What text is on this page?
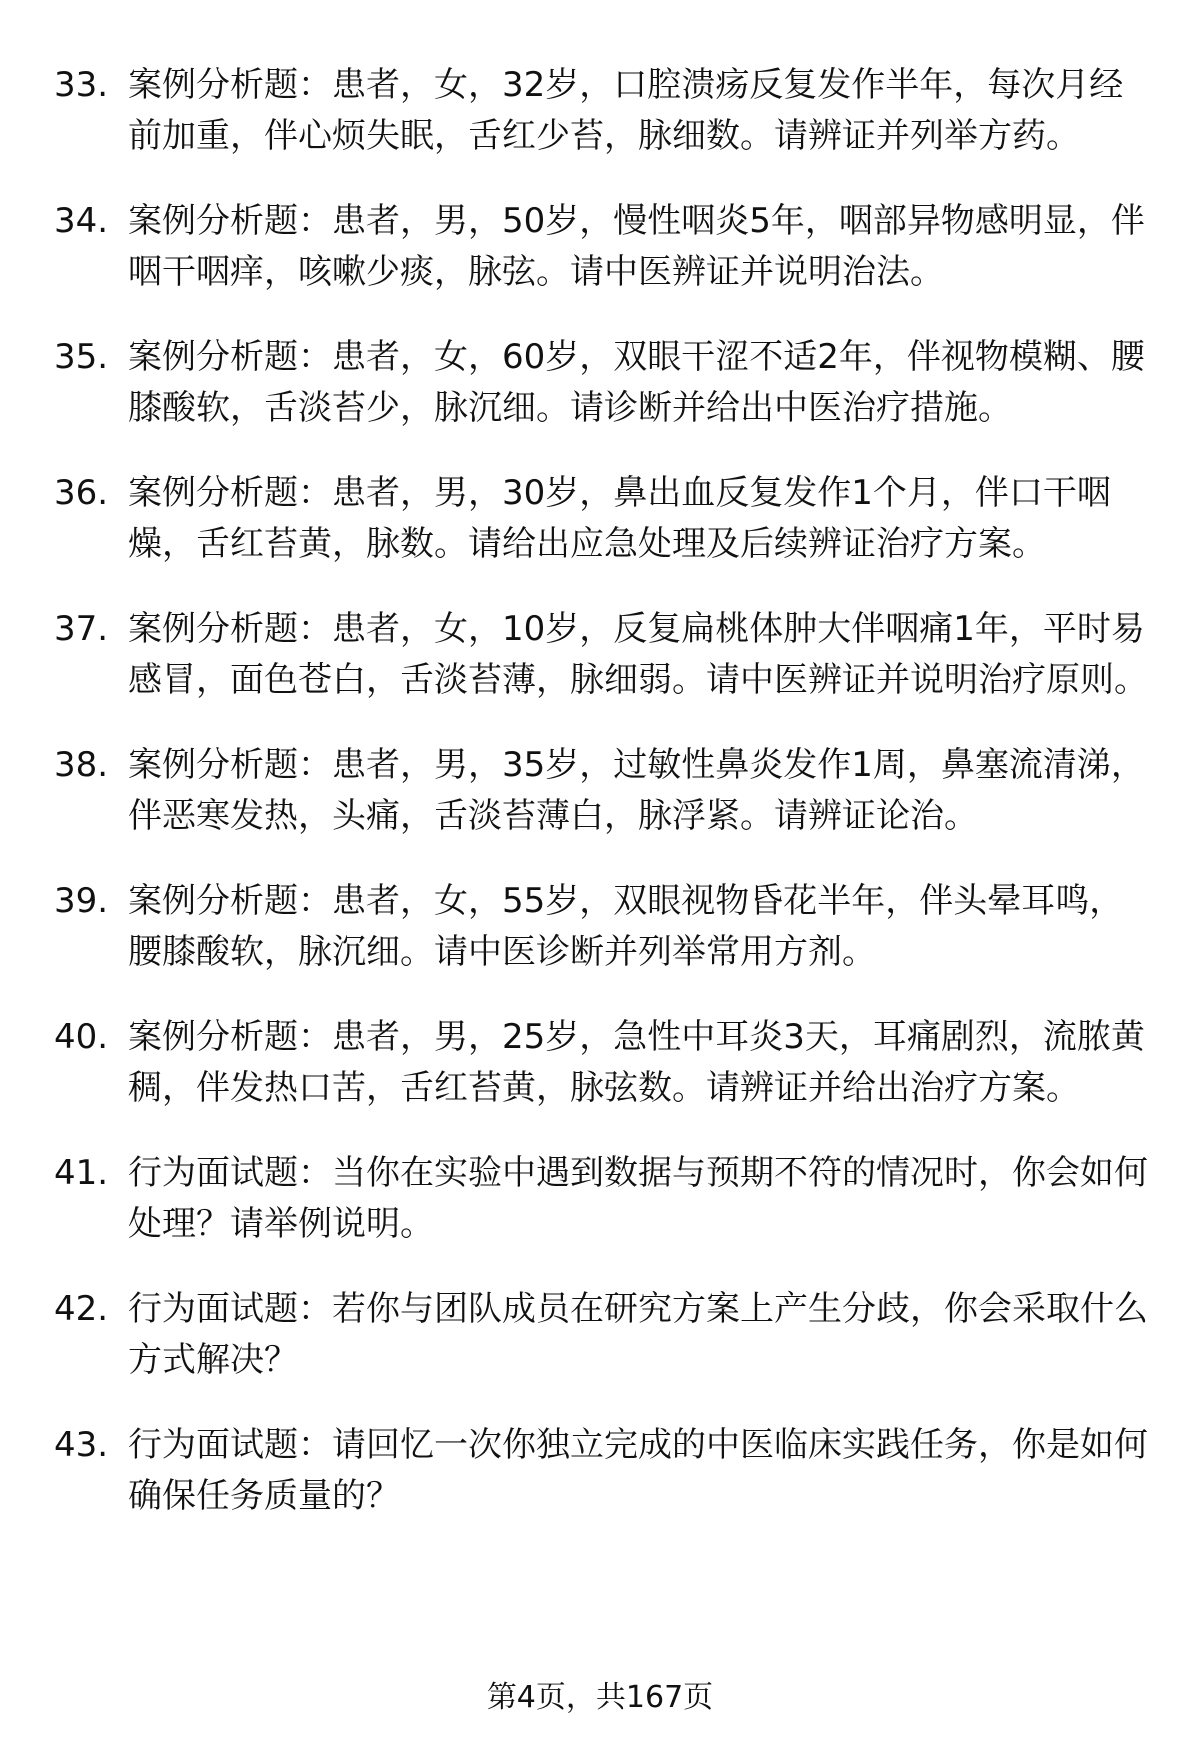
33. 案例分析题：患者，女，32岁，口腔溃疡反复发作半年，每次月经前加重，伴心烦失眠，舌红少苔，脉细数。请辨证并列举方药。
34. 案例分析题：患者，男，50岁，慢性咽炎5年，咽部异物感明显，伴咽干咽痒，咳嗽少痰，脉弦。请中医辨证并说明治法。
35. 案例分析题：患者，女，60岁，双眼干涩不适2年，伴视物模糊、腰膝酸软，舌淡苔少，脉沉细。请诊断并给出中医治疗措施。
36. 案例分析题：患者，男，30岁，鼻出血反复发作1个月，伴口干咽燥，舌红苔黄，脉数。请给出应急处理及后续辨证治疗方案。
37. 案例分析题：患者，女，10岁，反复扁桃体肿大伴咽痛1年，平时易感冒，面色苍白，舌淡苔薄，脉细弱。请中医辨证并说明治疗原则。
38. 案例分析题：患者，男，35岁，过敏性鼻炎发作1周，鼻塞流清涕，伴恶寒发热，头痛，舌淡苔薄白，脉浮紧。请辨证论治。
39. 案例分析题：患者，女，55岁，双眼视物昏花半年，伴头晕耳鸣，腰膝酸软，脉沉细。请中医诊断并列举常用方剂。
40. 案例分析题：患者，男，25岁，急性中耳炎3天，耳痛剧烈，流脓黄稠，伴发热口苦，舌红苔黄，脉弦数。请辨证并给出治疗方案。
41. 行为面试题：当你在实验中遇到数据与预期不符的情况时，你会如何处理？请举例说明。
42. 行为面试题：若你与团队成员在研究方案上产生分歧，你会采取什么方式解决？
43. 行为面试题：请回忆一次你独立完成的中医临床实践任务，你是如何确保任务质量的？
第4页，共167页
